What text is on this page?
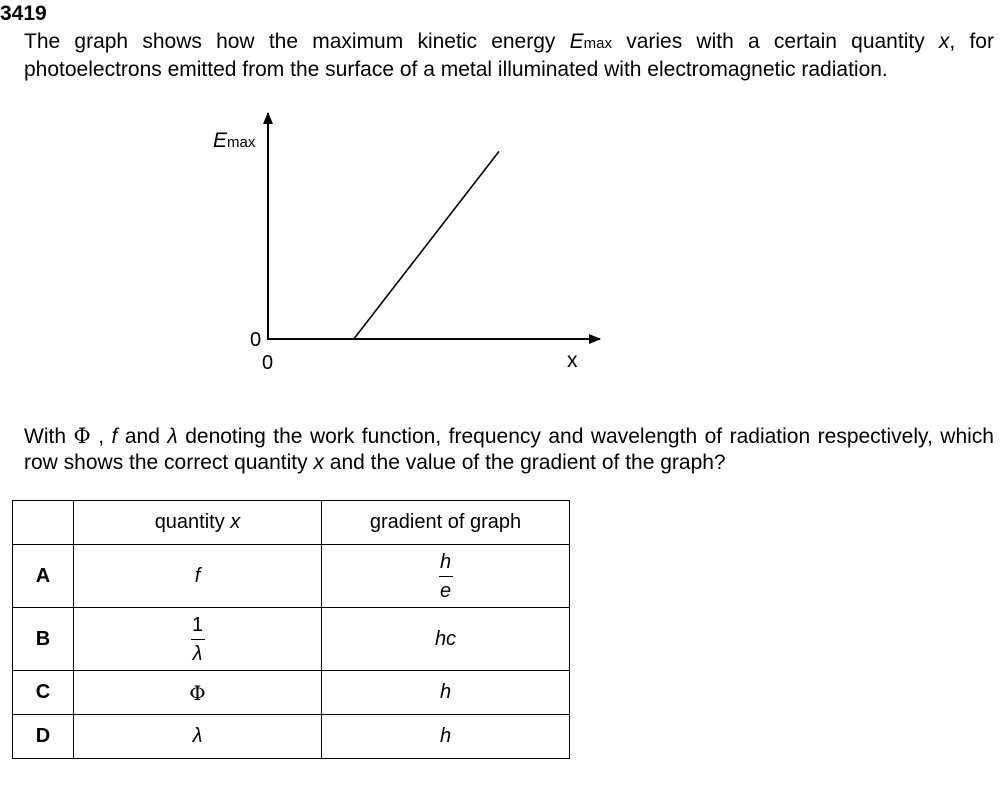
3419
The graph shows how the maximum kinetic energy Emax varies with a certain quantity x, for photoelectrons emitted from the surface of a metal illuminated with electromagnetic radiation.
Emax
0
0	x
With Φ , f and λ denoting the work function, frequency and wavelength of radiation respectively, which row shows the correct quantity x and the value of the gradient of the graph?
	quantity x	gradient of graph
A	f	$\frac{h}{e}$

B	$\frac{1}{\lambda}$	hc
C	Φ	h
D	λ	h
